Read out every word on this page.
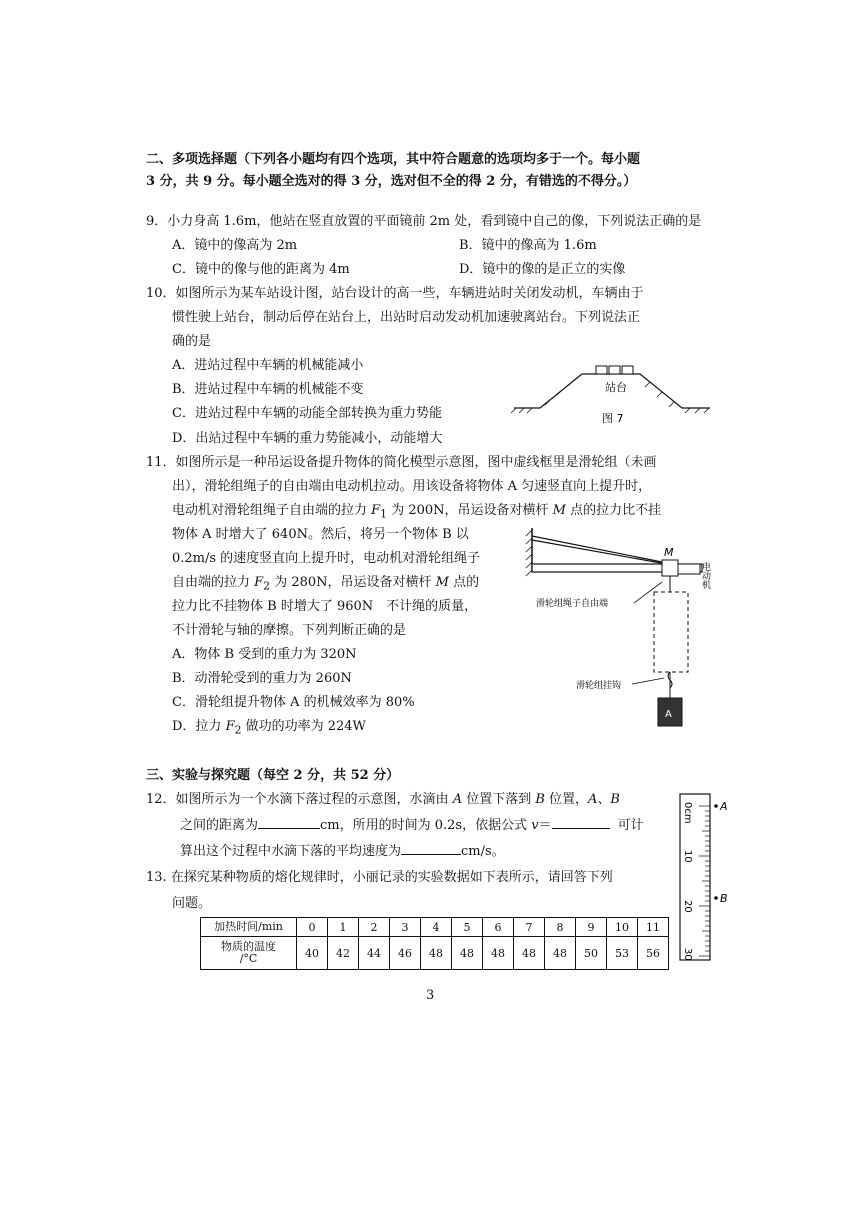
二、多项选择题（下列各小题均有四个选项，其中符合题意的选项均多于一个。每小题
3 分，共 9 分。每小题全选对的得 3 分，选对但不全的得 2 分，有错选的不得分。）
9．小力身高 1.6m，他站在竖直放置的平面镜前 2m 处，看到镜中自己的像，下列说法正确的是
A．镜中的像高为 2m	B．镜中的像高为 1.6m
C．镜中的像与他的距离为 4m	D．镜中的像的是正立的实像
10．如图所示为某车站设计图，站台设计的高一些，车辆进站时关闭发动机，车辆由于
惯性驶上站台，制动后停在站台上，出站时启动发动机加速驶离站台。下列说法正
确的是
A．进站过程中车辆的机械能减小
B．进站过程中车辆的机械能不变
C．进站过程中车辆的动能全部转换为重力势能
D．出站过程中车辆的重力势能减小，动能增大
站台
图 7
11．如图所示是一种吊运设备提升物体的简化模型示意图，图中虚线框里是滑轮组（未画
出），滑轮组绳子的自由端由电动机拉动。用该设备将物体 A 匀速竖直向上提升时，
电动机对滑轮组绳子自由端的拉力 $F_1$ 为 200N，吊运设备对横杆 M 点的拉力比不挂
物体 A 时增大了 640N。然后，将另一个物体 B 以
0.2m/s 的速度竖直向上提升时，电动机对滑轮组绳子
自由端的拉力 $F_2$ 为 280N，吊运设备对横杆 M 点的
拉力比不挂物体 B 时增大了 960N　不计绳的质量，
不计滑轮与轴的摩擦。下列判断正确的是
A．物体 B 受到的重力为 320N
B．动滑轮受到的重力为 260N
C．滑轮组提升物体 A 的机械效率为 80%
D．拉力 $F_2$ 做功的功率为 224W
M
电动机
滑轮组绳子自由端
滑轮组挂钩
A
三、实验与探究题（每空 2 分，共 52 分）
12．如图所示为一个水滴下落过程的示意图，水滴由 A 位置下落到 B 位置，A、B
之间的距离为	cm，所用的时间为 0.2s，依据公式 v＝	可计
算出这个过程中水滴下落的平均速度为	cm/s。
0cm
10
20
30
A
B
13. 在探究某种物质的熔化规律时，小丽记录的实验数据如下表所示，请回答下列
问题。
加热时间/min	0	1	2	3	4	5	6	7	8	9	10	11
物质的温度
/°C	40	42	44	46	48	48	48	48	48	50	53	56
3
